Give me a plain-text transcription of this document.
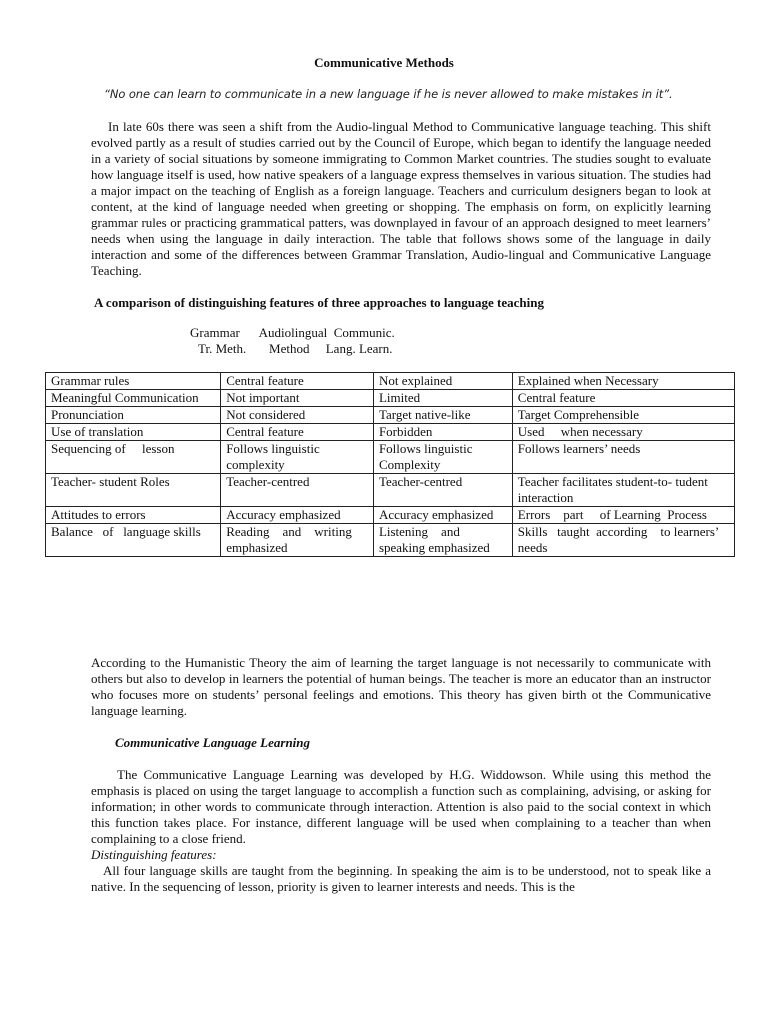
Communicative Methods
“No one can learn to communicate in a new language if he is never allowed to make mistakes in it”.
In late 60s there was seen a shift from the Audio-lingual Method to Communicative language teaching. This shift evolved partly as a result of studies carried out by the Council of Europe, which began to identify the language needed in a variety of social situations by someone immigrating to Common Market countries. The studies sought to evaluate how language itself is used, how native speakers of a language express themselves in various situation. The studies had a major impact on the teaching of English as a foreign language. Teachers and curriculum designers began to look at content, at the kind of language needed when greeting or shopping. The emphasis on form, on explicitly learning grammar rules or practicing grammatical patters, was downplayed in favour of an approach designed to meet learners’ needs when using the language in daily interaction. The table that follows shows some of the language in daily interaction and some of the differences between Grammar Translation, Audio-lingual and Communicative Language Teaching.
A comparison of distinguishing features of three approaches to language teaching
Grammar      Audiolingual  Communic.
Tr. Meth.       Method     Lang. Learn.
Grammar rules	Central feature	Not explained	Explained when Necessary
Meaningful Communication	Not important	Limited	Central feature
Pronunciation	Not considered	Target native-like	Target Comprehensible
Use of translation	Central feature	Forbidden	Used     when necessary
Sequencing of     lesson	Follows linguistic complexity	Follows linguistic Complexity	Follows learners’ needs
Teacher- student Roles	Teacher-centred	Teacher-centred	Teacher facilitates student-to- tudent interaction
Attitudes to errors	Accuracy emphasized	Accuracy emphasized	Errors    part     of Learning  Process
Balance   of   language skills	Reading    and    writing emphasized	Listening    and speaking emphasized	Skills   taught  according    to learners’ needs
According to the Humanistic Theory the aim of learning the target language is not necessarily to communicate with others but also to develop in learners the potential of human beings. The teacher is more an educator than an instructor who focuses more on students’ personal feelings and emotions. This theory has given birth ot the Communicative language learning.
Communicative Language Learning
The Communicative Language Learning was developed by H.G. Widdowson. While using this method the emphasis is placed on using the target language to accomplish a function such as complaining, advising, or asking for information; in other words to communicate through interaction. Attention is also paid to the social context in which this function takes place. For instance, different language will be used when complaining to a teacher than when complaining to a close friend.
Distinguishing features:
All four language skills are taught from the beginning. In speaking the aim is to be understood, not to speak like a native. In the sequencing of lesson, priority is given to learner interests and needs. This is the
